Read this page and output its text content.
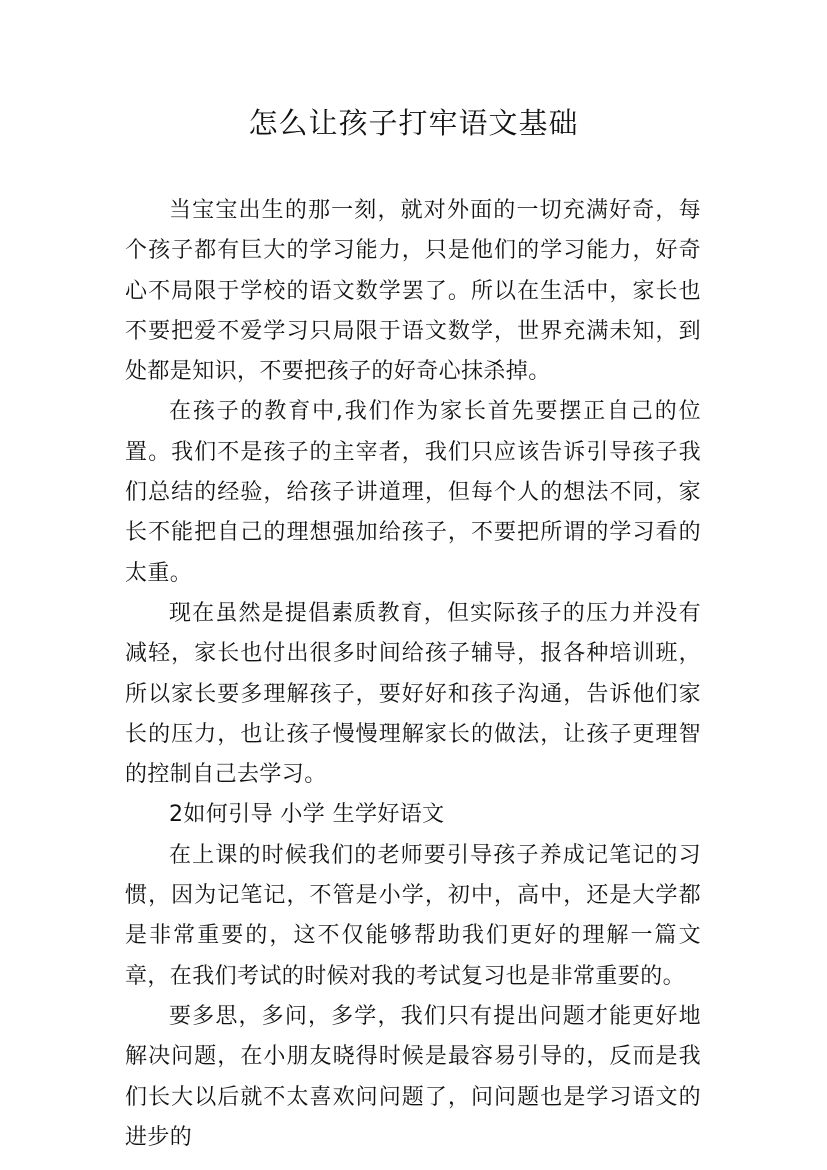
怎么让孩子打牢语文基础

当宝宝出生的那一刻，就对外面的一切充满好奇，每个孩子都有巨大的学习能力，只是他们的学习能力，好奇心不局限于学校的语文数学罢了。所以在生活中，家长也不要把爱不爱学习只局限于语文数学，世界充满未知，到处都是知识，不要把孩子的好奇心抹杀掉。

在孩子的教育中,我们作为家长首先要摆正自己的位置。我们不是孩子的主宰者，我们只应该告诉引导孩子我们总结的经验，给孩子讲道理，但每个人的想法不同，家长不能把自己的理想强加给孩子，不要把所谓的学习看的太重。

现在虽然是提倡素质教育，但实际孩子的压力并没有减轻，家长也付出很多时间给孩子辅导，报各种培训班，所以家长要多理解孩子，要好好和孩子沟通，告诉他们家长的压力，也让孩子慢慢理解家长的做法，让孩子更理智的控制自己去学习。

2如何引导 小学 生学好语文

在上课的时候我们的老师要引导孩子养成记笔记的习惯，因为记笔记，不管是小学，初中，高中，还是大学都是非常重要的，这不仅能够帮助我们更好的理解一篇文章，在我们考试的时候对我的考试复习也是非常重要的。

要多思，多问，多学，我们只有提出问题才能更好地解决问题，在小朋友晓得时候是最容易引导的，反而是我们长大以后就不太喜欢问问题了，问问题也是学习语文的进步的
